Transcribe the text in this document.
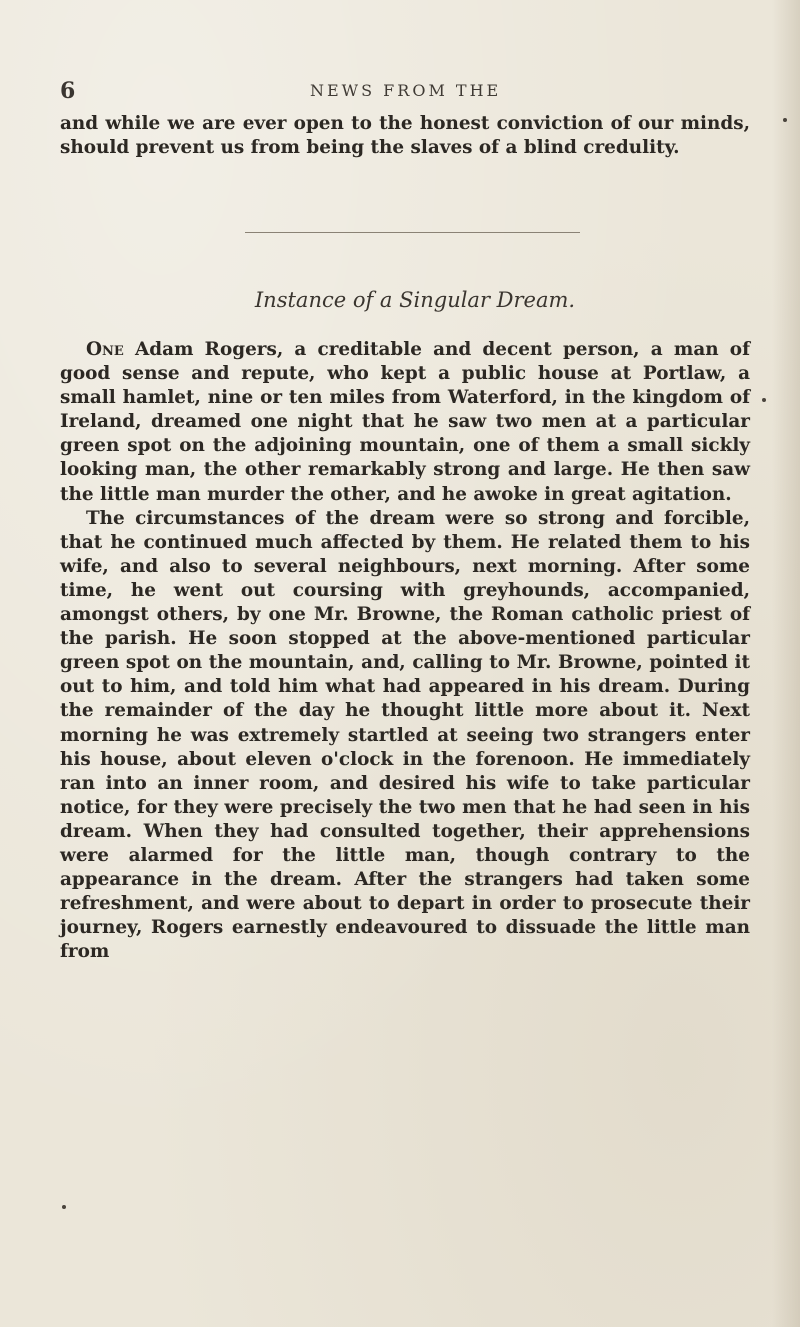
6	NEWS FROM THE

and while we are ever open to the honest conviction of our minds, should prevent us from being the slaves of a blind credulity.

Instance of a Singular Dream.

One Adam Rogers, a creditable and decent person, a man of good sense and repute, who kept a public house at Portlaw, a small hamlet, nine or ten miles from Waterford, in the kingdom of Ireland, dreamed one night that he saw two men at a particular green spot on the adjoining mountain, one of them a small sickly looking man, the other remarkably strong and large. He then saw the little man murder the other, and he awoke in great agitation.

The circumstances of the dream were so strong and forcible, that he continued much affected by them. He related them to his wife, and also to several neighbours, next morning. After some time, he went out coursing with greyhounds, accompanied, amongst others, by one Mr. Browne, the Roman catholic priest of the parish. He soon stopped at the above-mentioned particular green spot on the mountain, and, calling to Mr. Browne, pointed it out to him, and told him what had appeared in his dream. During the remainder of the day he thought little more about it. Next morning he was extremely startled at seeing two strangers enter his house, about eleven o'clock in the forenoon. He immediately ran into an inner room, and desired his wife to take particular notice, for they were precisely the two men that he had seen in his dream. When they had consulted together, their apprehensions were alarmed for the little man, though contrary to the appearance in the dream. After the strangers had taken some refreshment, and were about to depart in order to prosecute their journey, Rogers earnestly endeavoured to dissuade the little man from
